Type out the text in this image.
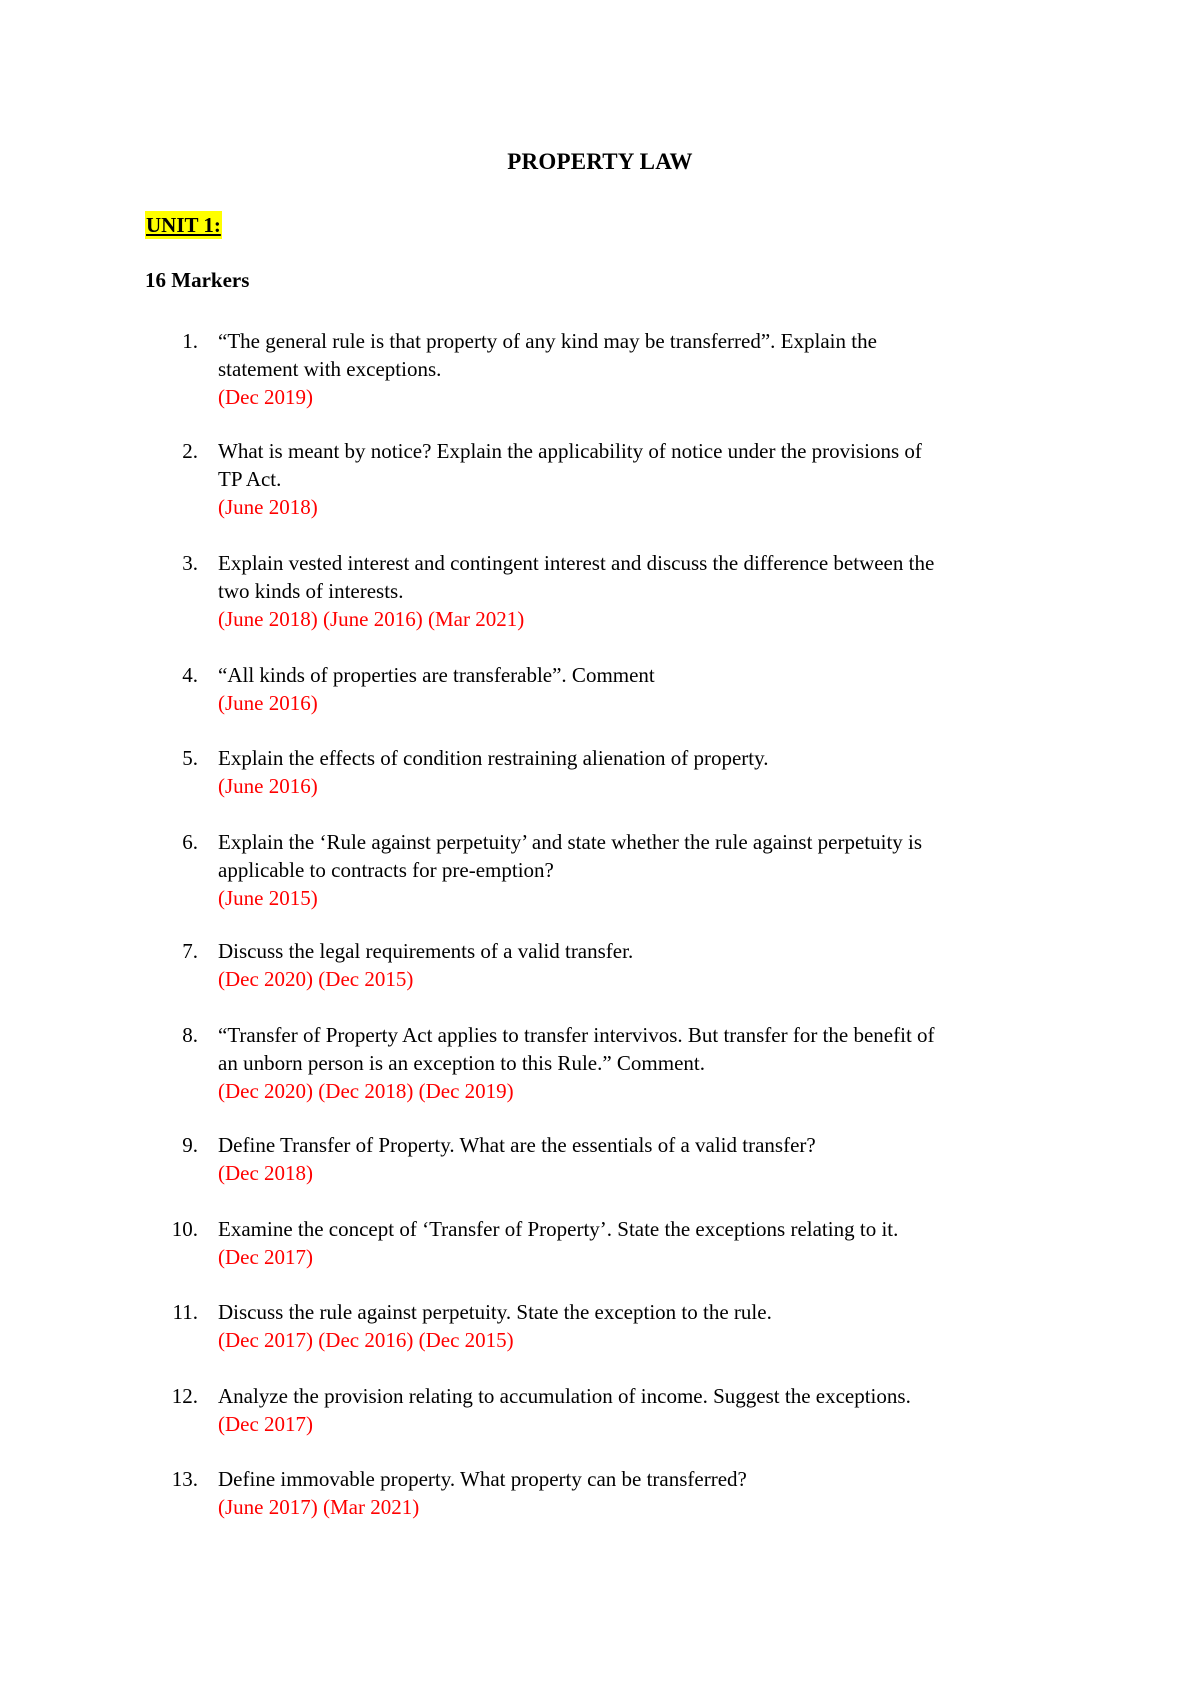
PROPERTY LAW
UNIT 1:
16 Markers
1. “The general rule is that property of any kind may be transferred”. Explain the
statement with exceptions.
(Dec 2019)
2. What is meant by notice? Explain the applicability of notice under the provisions of
TP Act.
(June 2018)
3. Explain vested interest and contingent interest and discuss the difference between the
two kinds of interests.
(June 2018) (June 2016) (Mar 2021)
4. “All kinds of properties are transferable”. Comment
(June 2016)
5. Explain the effects of condition restraining alienation of property.
(June 2016)
6. Explain the ‘Rule against perpetuity’ and state whether the rule against perpetuity is
applicable to contracts for pre-emption?
(June 2015)
7. Discuss the legal requirements of a valid transfer.
(Dec 2020) (Dec 2015)
8. “Transfer of Property Act applies to transfer intervivos. But transfer for the benefit of
an unborn person is an exception to this Rule.” Comment.
(Dec 2020) (Dec 2018) (Dec 2019)
9. Define Transfer of Property. What are the essentials of a valid transfer?
(Dec 2018)
10. Examine the concept of ‘Transfer of Property’. State the exceptions relating to it.
(Dec 2017)
11. Discuss the rule against perpetuity. State the exception to the rule.
(Dec 2017) (Dec 2016) (Dec 2015)
12. Analyze the provision relating to accumulation of income. Suggest the exceptions.
(Dec 2017)
13. Define immovable property. What property can be transferred?
(June 2017) (Mar 2021)
